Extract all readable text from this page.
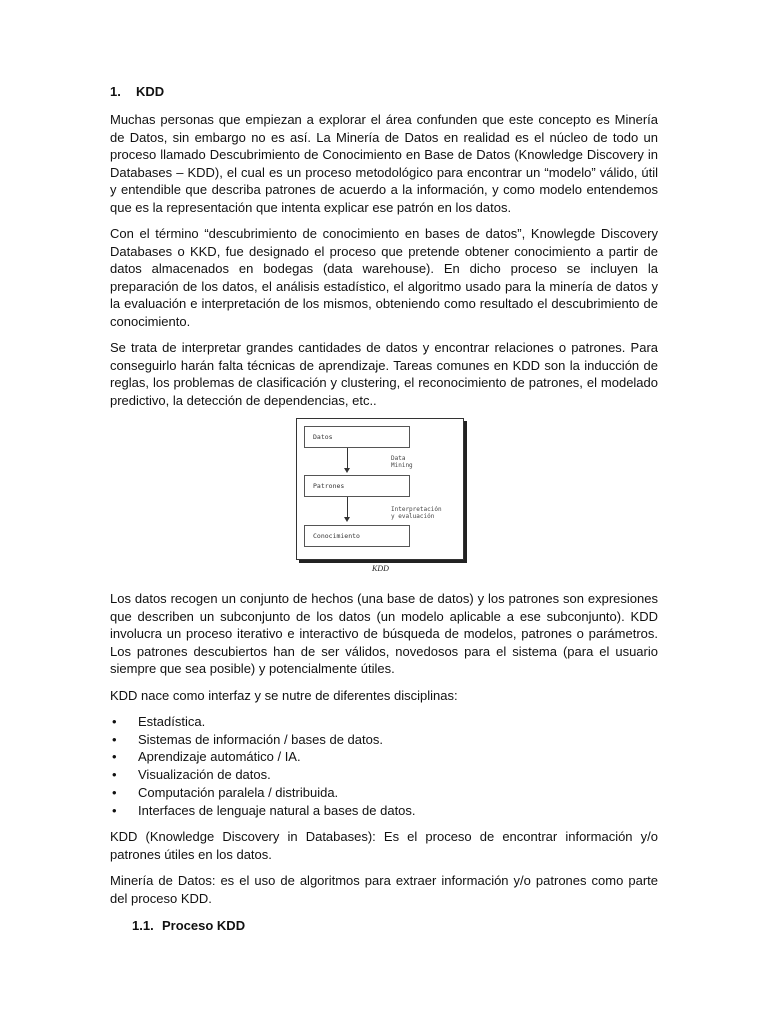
1. KDD

Muchas personas que empiezan a explorar el área confunden que este concepto es Minería de Datos, sin embargo no es así. La Minería de Datos en realidad es el núcleo de todo un proceso llamado Descubrimiento de Conocimiento en Base de Datos (Knowledge Discovery in Databases – KDD), el cual es un proceso metodológico para encontrar un “modelo” válido, útil y entendible que describa patrones de acuerdo a la información, y como modelo entendemos que es la representación que intenta explicar ese patrón en los datos.

Con el término “descubrimiento de conocimiento en bases de datos”, Knowlegde Discovery Databases o KKD, fue designado el proceso que pretende obtener conocimiento a partir de datos almacenados en bodegas (data warehouse). En dicho proceso se incluyen la preparación de los datos, el análisis estadístico, el algoritmo usado para la minería de datos y la evaluación e interpretación de los mismos, obteniendo como resultado el descubrimiento de conocimiento.

Se trata de interpretar grandes cantidades de datos y encontrar relaciones o patrones. Para conseguirlo harán falta técnicas de aprendizaje. Tareas comunes en KDD son la inducción de reglas, los problemas de clasificación y clustering, el reconocimiento de patrones, el modelado predictivo, la detección de dependencias, etc..

Datos
Patrones
Conocimiento
Data
Mining
Interpretación
y evaluación
KDD

Los datos recogen un conjunto de hechos (una base de datos) y los patrones son expresiones que describen un subconjunto de los datos (un modelo aplicable a ese subconjunto). KDD involucra un proceso iterativo e interactivo de búsqueda de modelos, patrones o parámetros. Los patrones descubiertos han de ser válidos, novedosos para el sistema (para el usuario siempre que sea posible) y potencialmente útiles.

KDD nace como interfaz y se nutre de diferentes disciplinas:

• Estadística.
• Sistemas de información / bases de datos.
• Aprendizaje automático / IA.
• Visualización de datos.
• Computación paralela / distribuida.
• Interfaces de lenguaje natural a bases de datos.

KDD (Knowledge Discovery in Databases): Es el proceso de encontrar información y/o patrones útiles en los datos.

Minería de Datos: es el uso de algoritmos para extraer información y/o patrones como parte del proceso KDD.

1.1. Proceso KDD
